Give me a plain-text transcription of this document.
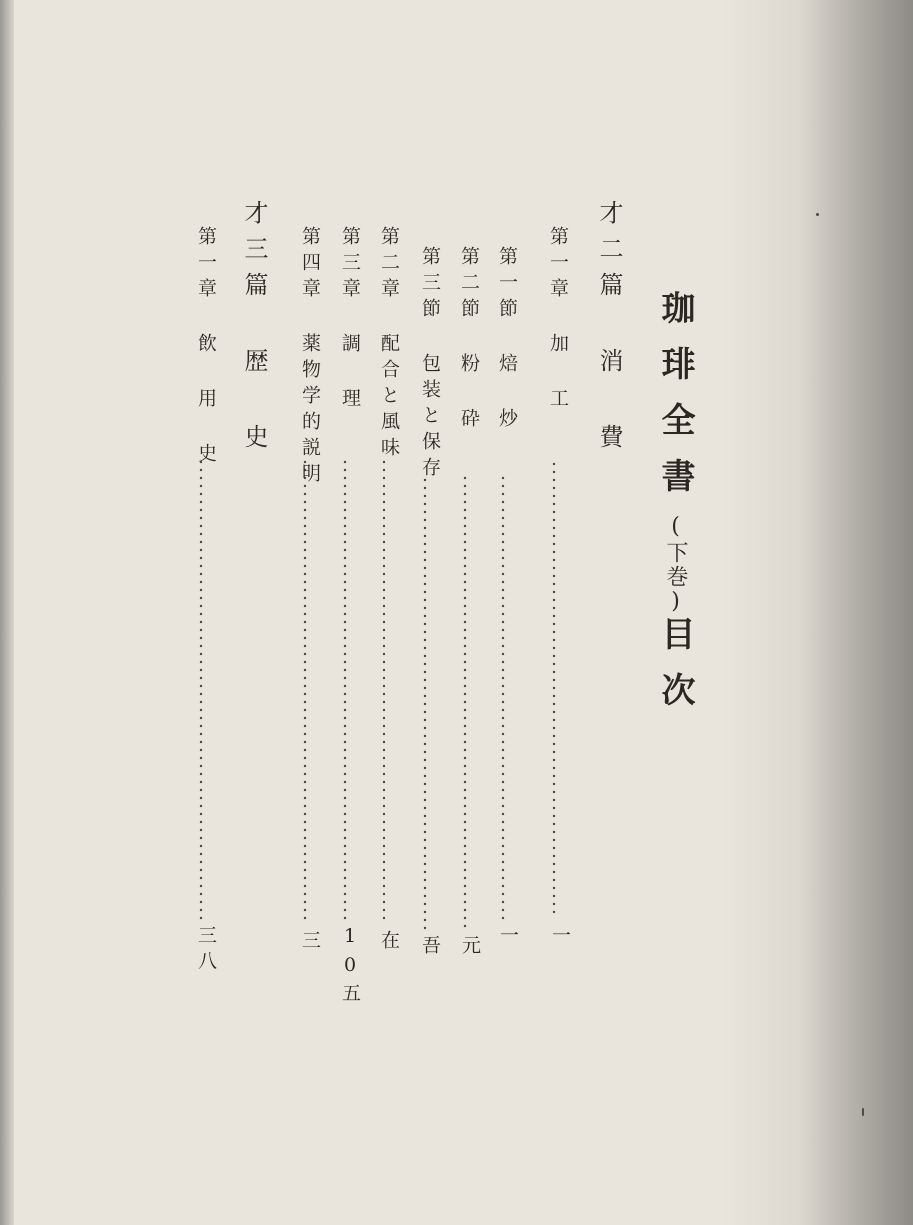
珈琲全書(下巻)目次
才二篇 消 費
第一章 加 工
第一節 焙 炒
第二節 粉 砕
第三節 包装と保存
第二章 配合と風味
第三章 調 理
第四章 薬物学的説明
才三篇 歴 史
第一章 飲 用 史
一
一
元
吾
在
10五
三
三八
